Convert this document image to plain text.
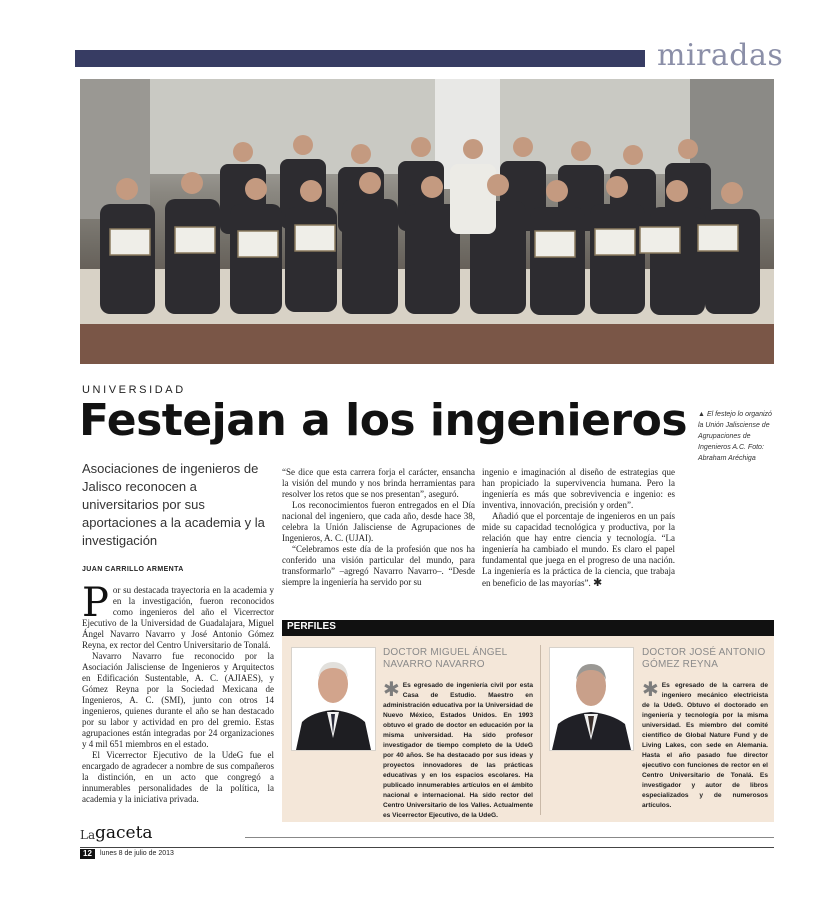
miradas
UNIVERSIDAD
Festejan a los ingenieros ▲ El festejo lo organizó la Unión Jalisciense de Agrupaciones de Ingenieros A.C. Foto: Abraham Aréchiga
Asociaciones de ingenieros de Jalisco reconocen a universitarios por sus aportaciones a la academia y la investigación
JUAN CARRILLO ARMENTA

Por su destacada trayectoria en la academia y en la investigación, fueron reconocidos como ingenieros del año el Vicerrector Ejecutivo de la Universidad de Guadalajara, Miguel Ángel Navarro Navarro y José Antonio Gómez Reyna, ex rector del Centro Universitario de Tonalá.

Navarro Navarro fue reconocido por la Asociación Jalisciense de Ingenieros y Arquitectos en Edificación Sustentable, A. C. (AJIAES), y Gómez Reyna por la Sociedad Mexicana de Ingenieros, A. C. (SMI), junto con otros 14 ingenieros, quienes durante el año se han destacado por su labor y actividad en pro del gremio. Estas agrupaciones están integradas por 24 organizaciones y 4 mil 651 miembros en el estado.

El Vicerrector Ejecutivo de la UdeG fue el encargado de agradecer a nombre de sus compañeros la distinción, en un acto que congregó a innumerables personalidades de la política, la academia y la iniciativa privada.

“Se dice que esta carrera forja el carácter, ensancha la visión del mundo y nos brinda herramientas para resolver los retos que se nos presentan”, aseguró.

Los reconocimientos fueron entregados en el Día nacional del ingeniero, que cada año, desde hace 38, celebra la Unión Jalisciense de Agrupaciones de Ingenieros, A. C. (UJAI).

“Celebramos este día de la profesión que nos ha conferido una visión particular del mundo, para transformarlo” –agregó Navarro Navarro–. “Desde siempre la ingeniería ha servido por su

ingenio e imaginación al diseño de estrategias que han propiciado la supervivencia humana. Pero la ingeniería es más que sobrevivencia e ingenio: es inventiva, innovación, precisión y orden”.

Añadió que el porcentaje de ingenieros en un país mide su capacidad tecnológica y productiva, por la relación que hay entre ciencia y tecnología. “La ingeniería ha cambiado el mundo. Es claro el papel fundamental que juega en el progreso de una nación. La ingeniería es la práctica de la ciencia, que trabaja en beneficio de las mayorías”. ✱

PERFILES
DOCTOR MIGUEL ÁNGEL
NAVARRO NAVARRO
✱ Es egresado de ingeniería civil por esta Casa de Estudio. Maestro en administración educativa por la Universidad de Nuevo México, Estados Unidos. En 1993 obtuvo el grado de doctor en educación por la misma universidad. Ha sido profesor investigador de tiempo completo de la UdeG por 40 años. Se ha destacado por sus ideas y proyectos innovadores de las prácticas educativas y en los espacios escolares. Ha publicado innumerables artículos en el ámbito nacional e internacional. Ha sido rector del Centro Universitario de los Valles. Actualmente es Vicerrector Ejecutivo, de la UdeG.
DOCTOR JOSÉ ANTONIO
GÓMEZ REYNA
✱ Es egresado de la carrera de ingeniero mecánico electricista de la UdeG. Obtuvo el doctorado en ingeniería y tecnología por la misma universidad. Es miembro del comité científico de Global Nature Fund y de Living Lakes, con sede en Alemania. Hasta el año pasado fue director ejecutivo con funciones de rector en el Centro Universitario de Tonalá. Es investigador y autor de libros especializados y de numerosos artículos.
La gaceta
12	lunes 8 de julio de 2013
